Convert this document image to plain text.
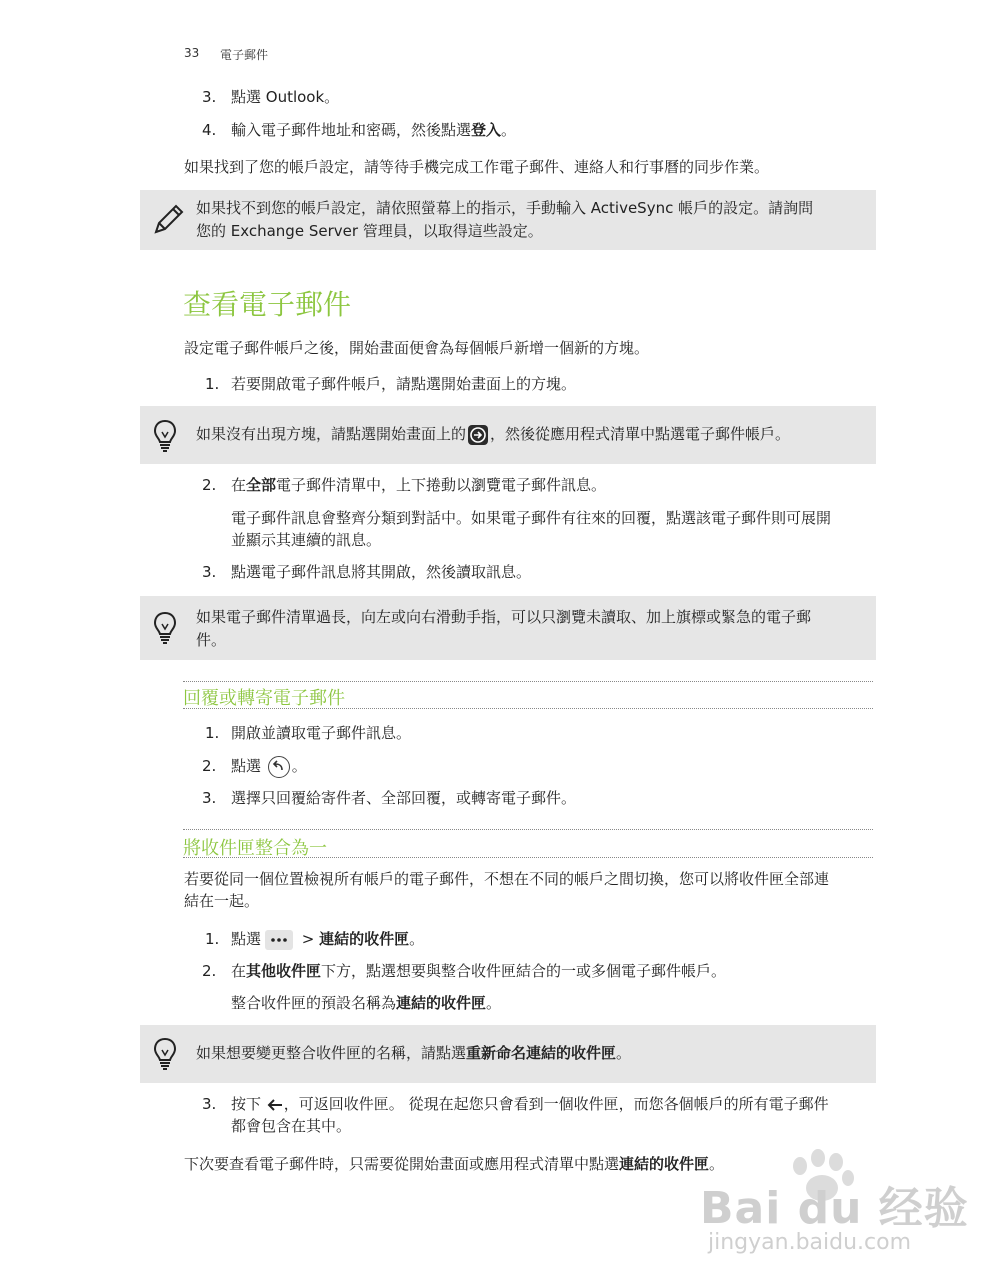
33 電子郵件
3. 點選 Outlook。
4. 輸入電子郵件地址和密碼，然後點選登入。
如果找到了您的帳戶設定，請等待手機完成工作電子郵件、連絡人和行事曆的同步作業。
如果找不到您的帳戶設定，請依照螢幕上的指示，手動輸入 ActiveSync 帳戶的設定。請詢問
您的 Exchange Server 管理員，以取得這些設定。
查看電子郵件
設定電子郵件帳戶之後，開始畫面便會為每個帳戶新增一個新的方塊。
1. 若要開啟電子郵件帳戶，請點選開始畫面上的方塊。
如果沒有出現方塊，請點選開始畫面上的 ，然後從應用程式清單中點選電子郵件帳戶。
2. 在全部電子郵件清單中，上下捲動以瀏覽電子郵件訊息。
電子郵件訊息會整齊分類到對話中。如果電子郵件有往來的回覆，點選該電子郵件則可展開
並顯示其連續的訊息。
3. 點選電子郵件訊息將其開啟，然後讀取訊息。
如果電子郵件清單過長，向左或向右滑動手指，可以只瀏覽未讀取、加上旗標或緊急的電子郵
件。
回覆或轉寄電子郵件
1. 開啟並讀取電子郵件訊息。
2. 點選 。
3. 選擇只回覆給寄件者、全部回覆，或轉寄電子郵件。
將收件匣整合為一
若要從同一個位置檢視所有帳戶的電子郵件，不想在不同的帳戶之間切換，您可以將收件匣全部連
結在一起。
1. 點選
> 連結的收件匣。
2. 在其他收件匣下方，點選想要與整合收件匣結合的一或多個電子郵件帳戶。
整合收件匣的預設名稱為連結的收件匣。
如果想要變更整合收件匣的名稱，請點選重新命名連結的收件匣。
3. 按下 ，可返回收件匣。 從現在起您只會看到一個收件匣，而您各個帳戶的所有電子郵件
都會包含在其中。
下次要查看電子郵件時，只需要從開始畫面或應用程式清單中點選連結的收件匣。
Bai du 经验
jingyan.baidu.com
